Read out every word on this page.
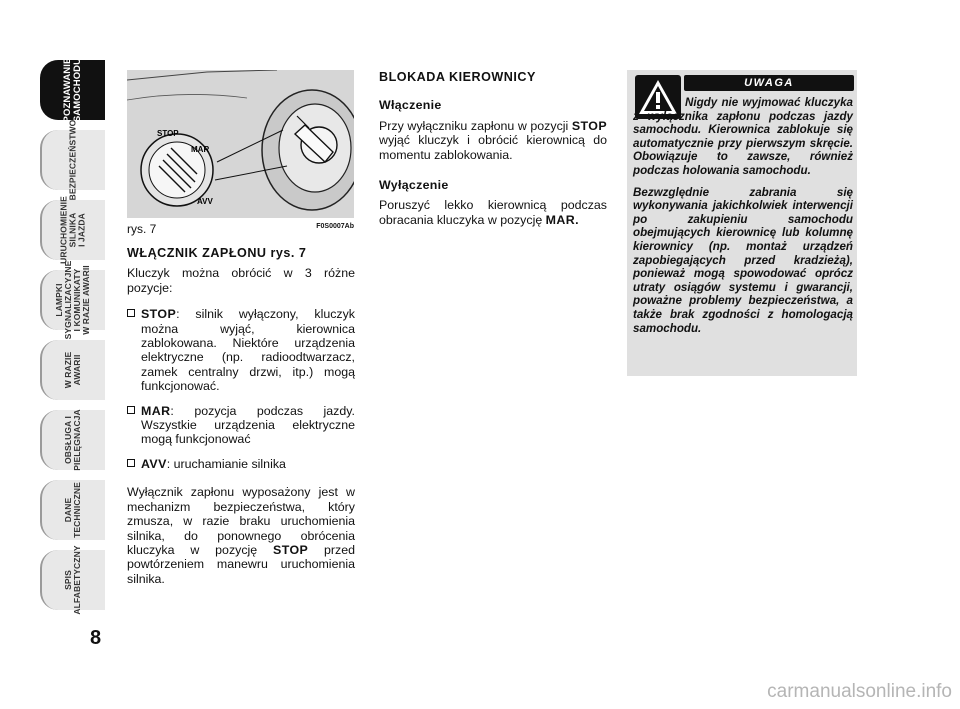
POZNAWANIE
SAMOCHODU
BEZPIECZEŃSTWO
URUCHOMIENIE
SILNIKA
I JAZDA
LAMPKI
SYGNALIZACYJNE
I KOMUNIKATY
W RAZIE AWARII
W RAZIE
AWARII
OBSŁUGA I
PIELĘGNACJA
DANE
TECHNICZNE
SPIS
ALFABETYCZNY
8
STOP
MAR
AVV
rys. 7	F0S0007Ab
WŁĄCZNIK ZAPŁONU rys. 7

Kluczyk można obrócić w 3 różne pozycje:

STOP: silnik wyłączony, kluczyk można wyjąć, kierownica zablokowana. Niektóre urządzenia elektryczne (np. radioodtwarzacz, zamek centralny drzwi, itp.) mogą funkcjonować.
MAR: pozycja podczas jazdy. Wszystkie urządzenia elektryczne mogą funkcjonować
AVV: uruchamianie silnika

Wyłącznik zapłonu wyposażony jest w mechanizm bezpieczeństwa, który zmusza, w razie braku uruchomienia silnika, do ponownego obrócenia kluczyka w pozycję STOP przed powtórzeniem manewru uruchomienia silnika.

BLOKADA KIEROWNICY
Włączenie

Przy wyłączniku zapłonu w pozycji STOP wyjąć kluczyk i obrócić kierownicą do momentu zablokowania.

Wyłączenie

Poruszyć lekko kierownicą podczas obracania kluczyka w pozycję MAR.

UWAGA

Nigdy nie wyjmować kluczyka z wyłącznika zapłonu podczas jazdy samochodu. Kierownica zablokuje się automatycznie przy pierwszym skręcie. Obowiązuje to zawsze, również podczas holowania samochodu.

Bezwzględnie zabrania się wykonywania jakichkolwiek interwencji po zakupieniu samochodu obejmujących kierownicę lub kolumnę kierownicy (np. montaż urządzeń zapobiegających przed kradzieżą), ponieważ mogą spowodować oprócz utraty osiągów systemu i gwarancji, poważne problemy bezpieczeństwa, a także brak zgodności z homologacją samochodu.

carmanualsonline.info
